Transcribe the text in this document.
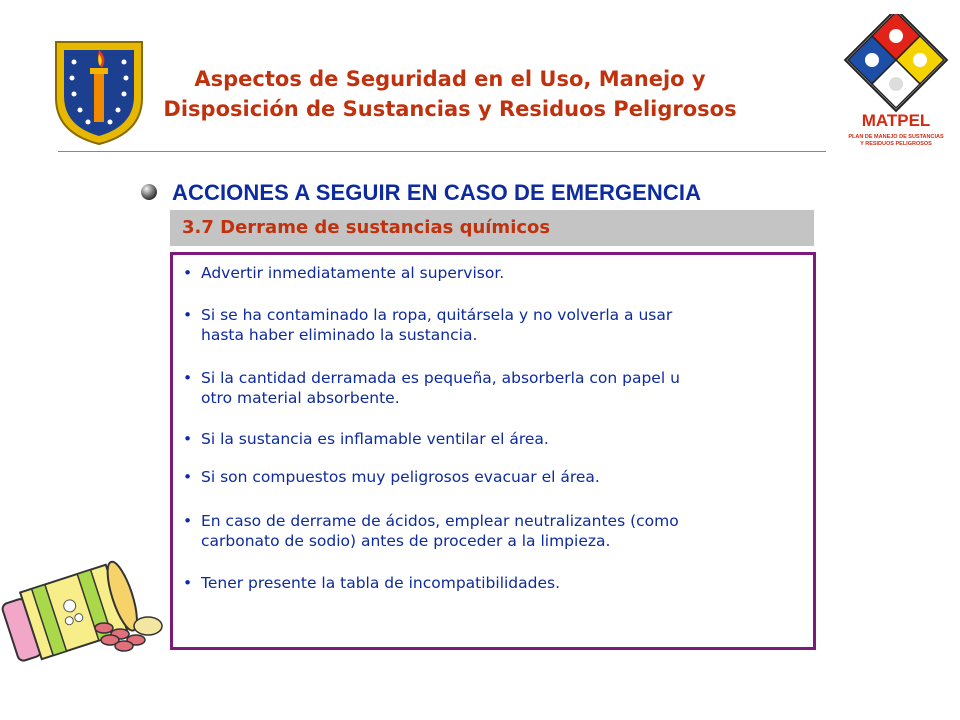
Aspectos de Seguridad en el Uso, Manejo y
Disposición de Sustancias y Residuos Peligrosos	MATPEL
PLAN DE MANEJO DE SUSTANCIAS
Y RESIDUOS PELIGROSOS
ACCIONES A SEGUIR EN CASO DE EMERGENCIA
3.7 Derrame de sustancias químicos
• Advertir inmediatamente al supervisor.
• Si se ha contaminado la ropa, quitársela y no volverla a usar
hasta haber eliminado la sustancia.
• Si la cantidad derramada es pequeña, absorberla con papel u
otro material absorbente.
• Si la sustancia es inflamable ventilar el área.
• Si son compuestos muy peligrosos evacuar el área.
• En caso de derrame de ácidos, emplear neutralizantes (como
carbonato de sodio) antes de proceder a la limpieza.
• Tener presente la tabla de incompatibilidades.
